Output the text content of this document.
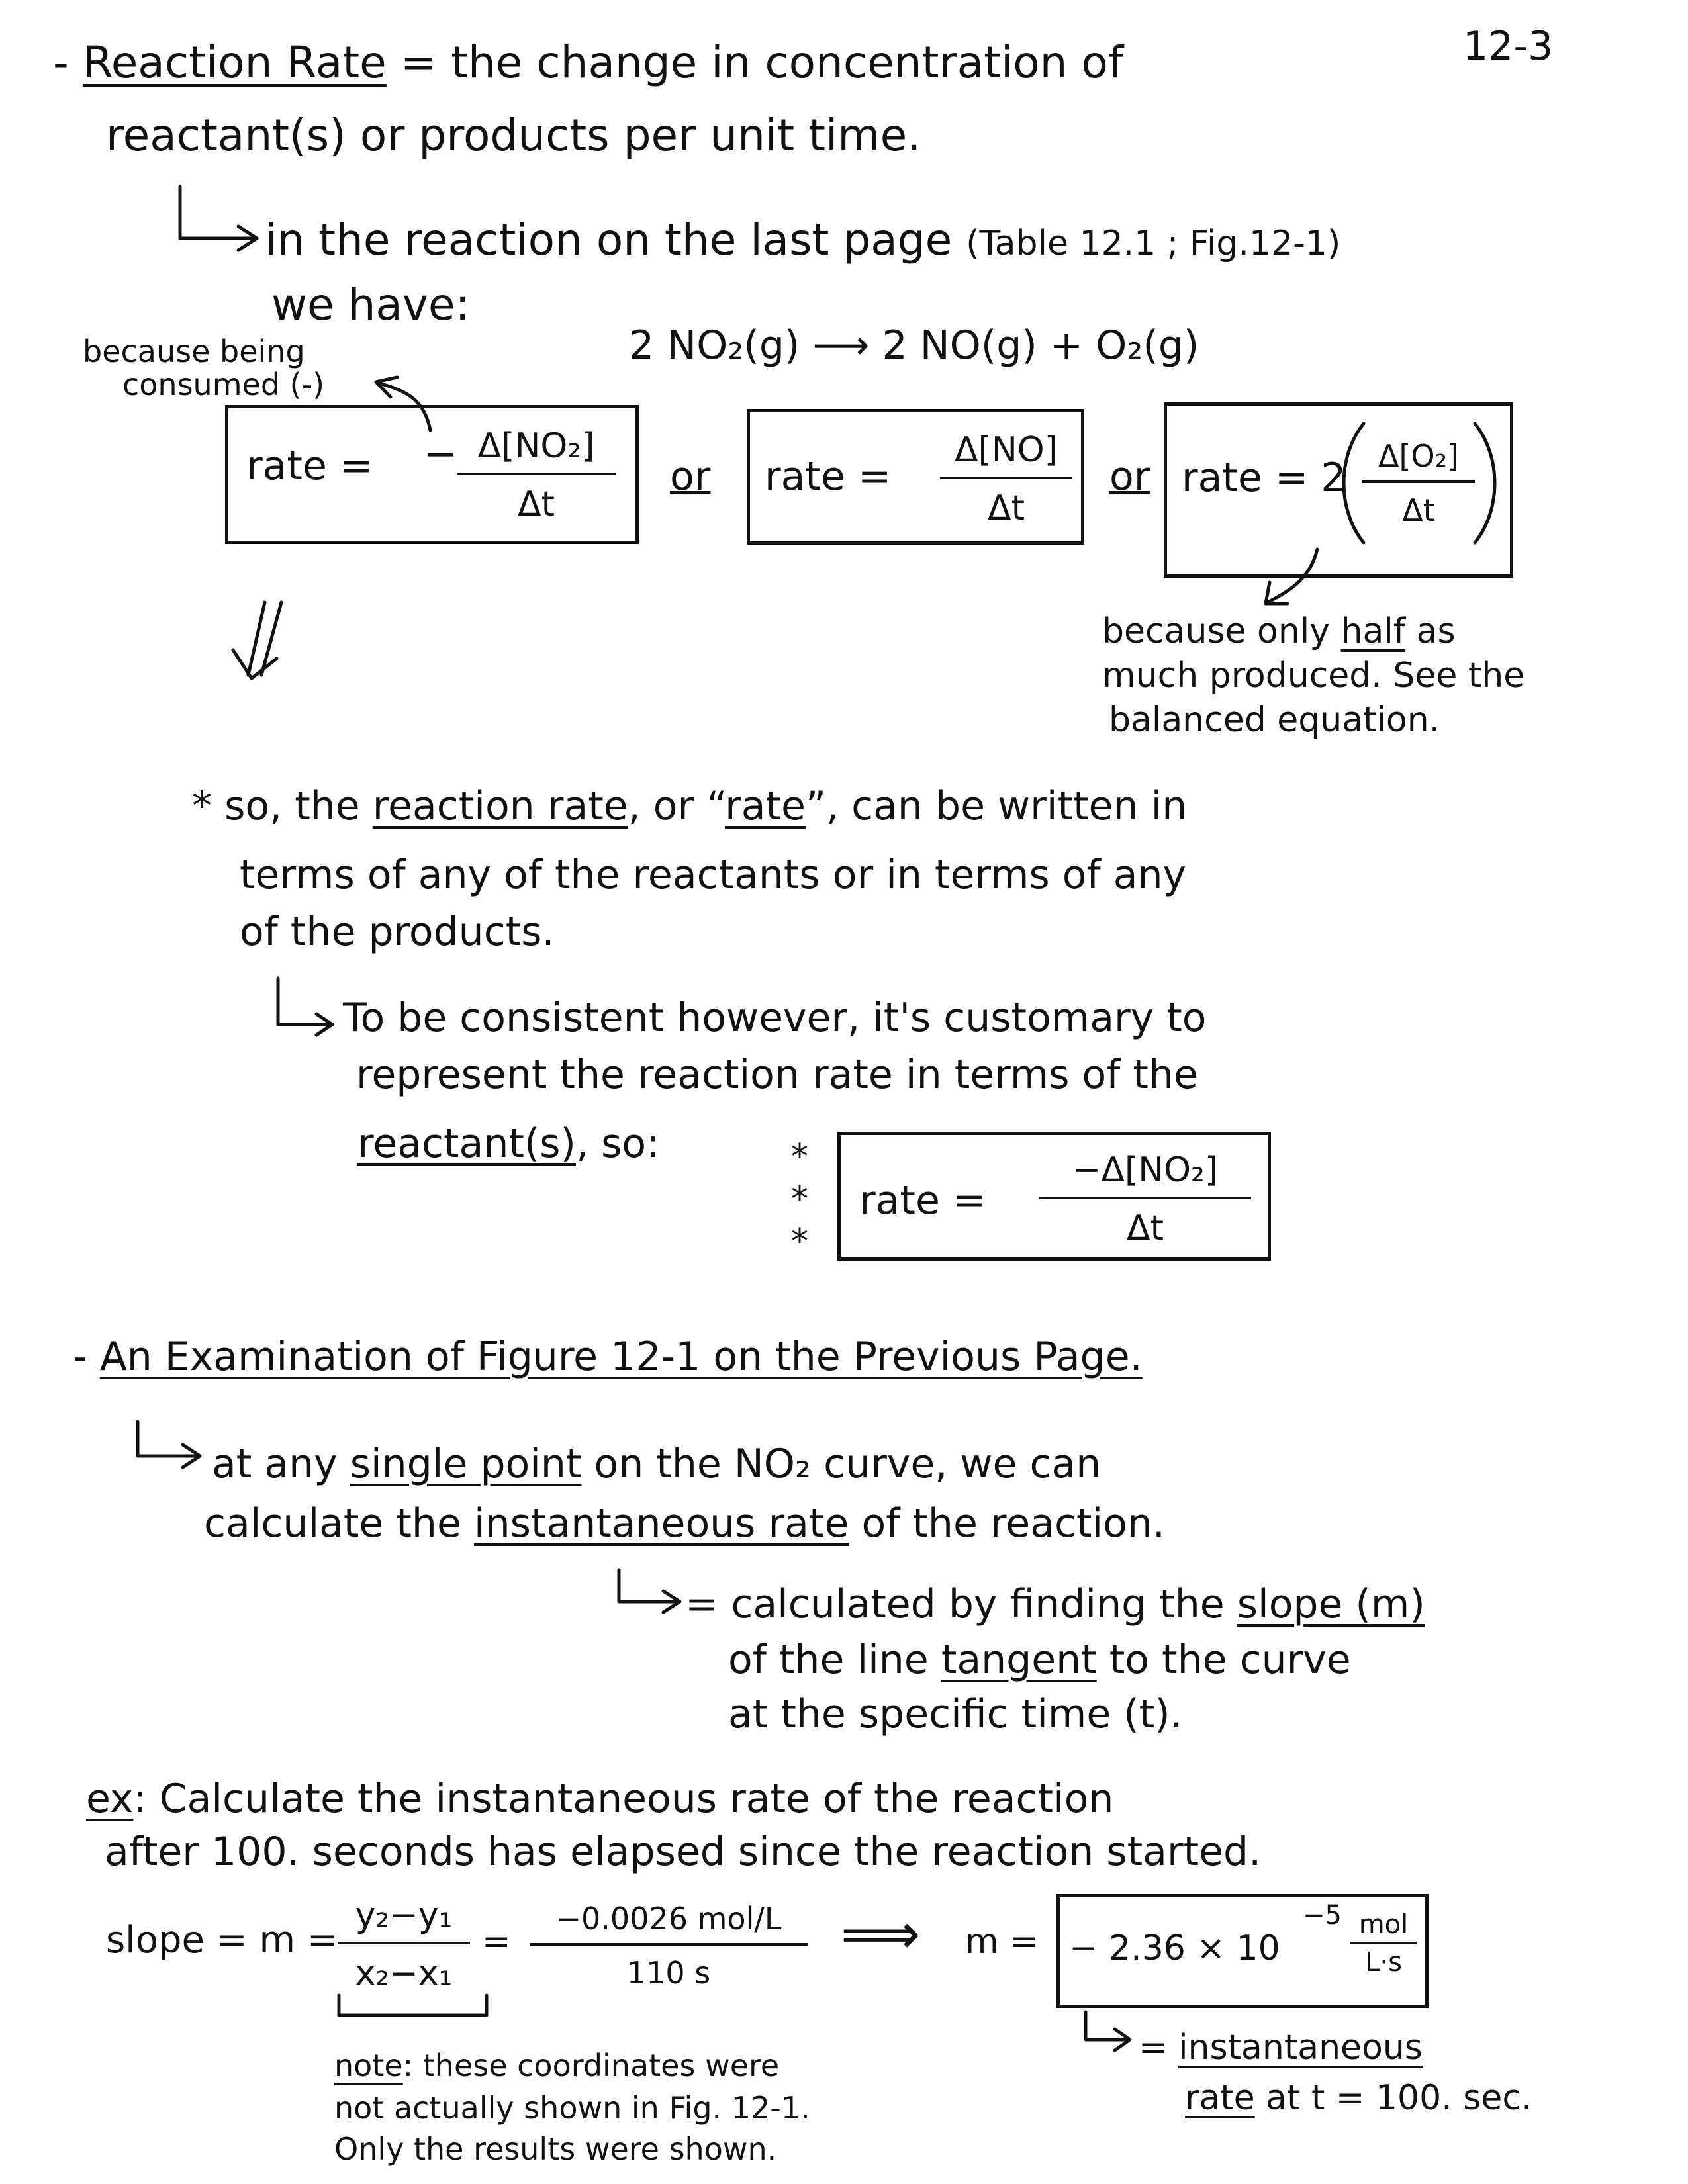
12-3
- Reaction Rate = the change in concentration of
reactant(s) or products per unit time.
in the reaction on the last page (Table 12.1 ; Fig.12-1)
we have:
2 NO₂(g) ⟶ 2 NO(g) + O₂(g)
because being
consumed (-)
rate = − Δ[NO₂]
Δt
or rate =
Δ[NO]
Δt
or rate = 2	Δ[O₂]
Δt
because only half as
much produced. See the
balanced equation.
* so, the reaction rate, or “rate”, can be written in
terms of any of the reactants or in terms of any
of the products.
To be consistent however, it's customary to
represent the reaction rate in terms of the
reactant(s), so:	*
*
*
rate =
−Δ[NO₂]
Δt
- An Examination of Figure 12-1 on the Previous Page.
at any single point on the NO₂ curve, we can
calculate the instantaneous rate of the reaction.
= calculated by finding the slope (m)
of the line tangent to the curve
at the specific time (t).
ex: Calculate the instantaneous rate of the reaction
after 100. seconds has elapsed since the reaction started.
slope = m =
y₂−y₁
x₂−x₁
=
−0.0026 mol/L
110 s
⟹ m = − 2.36 × 10
−5 mol
L·s
note: these coordinates were
not actually shown in Fig. 12-1.
Only the results were shown.
= instantaneous
rate at t = 100. sec.
